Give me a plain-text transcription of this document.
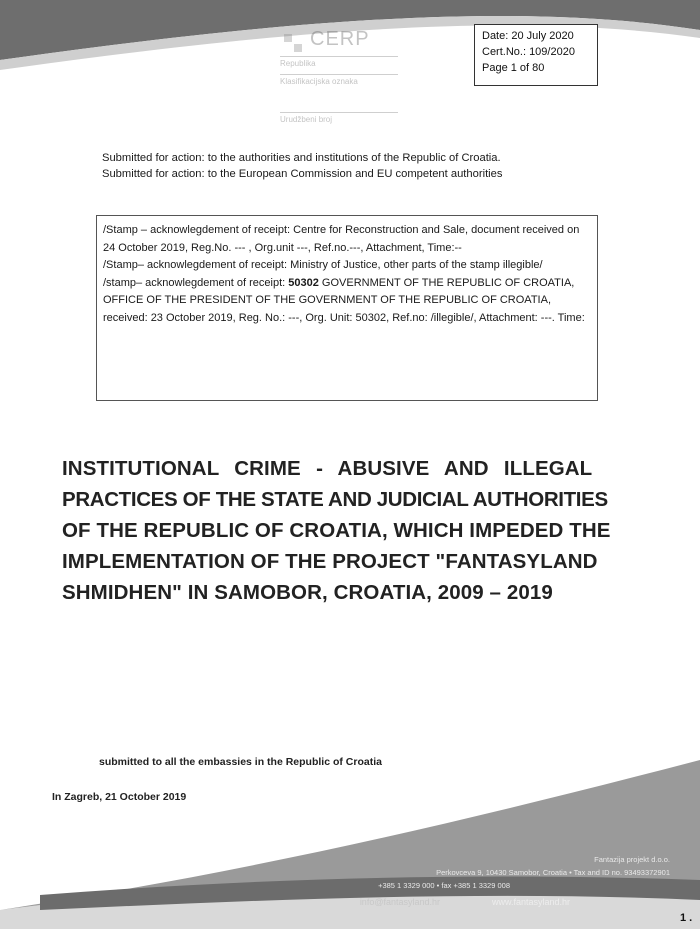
CERP
Republika
Klasifikacijska oznaka
Urudžbeni broj
Date: 20 July 2020
Cert.No.: 109/2020
Page 1 of 80
Submitted for action: to the authorities and institutions of the Republic of Croatia.
Submitted for action: to the European Commission and EU competent authorities

/Stamp – acknowlegdement of receipt: Centre for Reconstruction and Sale, document received on 24 October 2019, Reg.No. --- , Org.unit ---, Ref.no.---, Attachment, Time:--

/Stamp– acknowlegdement of receipt: Ministry of Justice, other parts of the stamp illegible/

/stamp– acknowlegdement of receipt: 50302 GOVERNMENT OF THE REPUBLIC OF CROATIA, OFFICE OF THE PRESIDENT OF THE GOVERNMENT OF THE REPUBLIC OF CROATIA, received: 23 October 2019, Reg. No.: ---, Org. Unit: 50302, Ref.no: /illegible/, Attachment: ---. Time:

INSTITUTIONAL CRIME - ABUSIVE AND ILLEGAL
PRACTICES OF THE STATE AND JUDICIAL AUTHORITIES
OF THE REPUBLIC OF CROATIA, WHICH IMPEDED THE
IMPLEMENTATION OF THE PROJECT "FANTASYLAND
SHMIDHEN" IN SAMOBOR, CROATIA, 2009 – 2019
submitted to all the embassies in the Republic of Croatia
In Zagreb, 21 October 2019
Fantazija projekt d.o.o.
Perkovceva 9, 10430 Samobor, Croatia • Tax and ID no. 93493372901
+385 1 3329 000 • fax +385 1 3329 008
info@fantasyland.hr	www.fantasyland.hr
1 .
